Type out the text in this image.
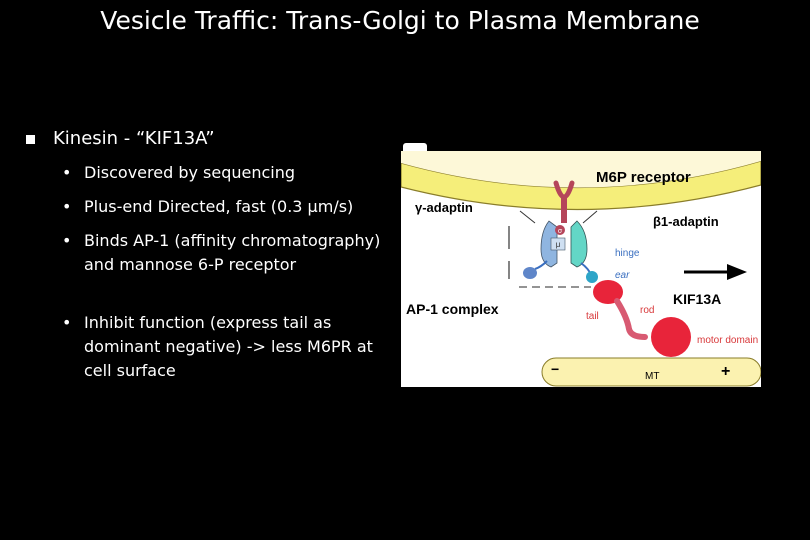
Vesicle Traffic: Trans-Golgi to Plasma Membrane
Kinesin - “KIF13A”
• Discovered by sequencing
• Plus-end Directed, fast (0.3 µm/s)
• Binds AP-1 (affinity chromatography) and mannose 6-P receptor
• Inhibit function (express tail as dominant negative) -> less M6PR at cell surface
σ
μ
M6P receptor
γ-adaptin
β1-adaptin
hinge
ear
AP-1 complex
KIF13A
tail
rod
motor domain
−	MT	+
